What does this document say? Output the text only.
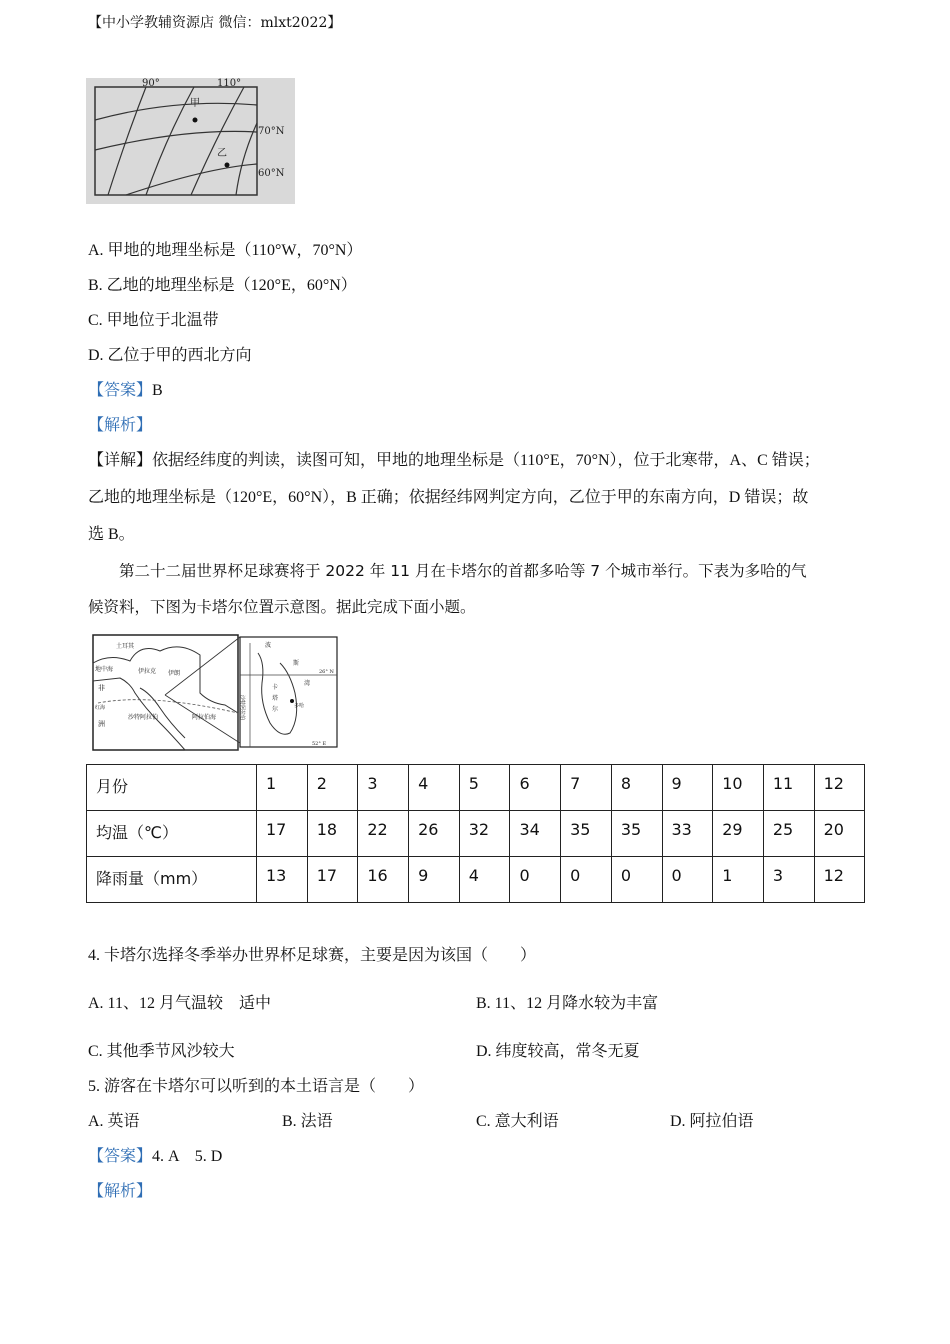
【中小学教辅资源店 微信：mlxt2022】
90°	110°
70°N
60°N
甲
乙
A. 甲地的地理坐标是（110°W，70°N）
B. 乙地的地理坐标是（120°E，60°N）
C. 甲地位于北温带
D. 乙位于甲的西北方向
【答案】B
【解析】
【详解】依据经纬度的判读，读图可知，甲地的地理坐标是（110°E，70°N），位于北寒带，A、C 错误；
乙地的地理坐标是（120°E，60°N），B 正确；依据经纬网判定方向，乙位于甲的东南方向，D 错误；故
选 B。
第二十二届世界杯足球赛将于 2022 年 11 月在卡塔尔的首都多哈等 7 个城市举行。下表为多哈的气
候资料，下图为卡塔尔位置示意图。据此完成下面小题。
土耳其
地中海
非
洲
红海
伊拉克 伊朗
沙特阿拉伯	阿拉伯海
波
斯
湾
卡
塔
尔	多哈
沙特阿拉伯
26° N
52° E
月份	1	2	3	4	5	6	7	8	9	10	11	12
均温（℃）	17	18	22	26	32	34	35	35	33	29	25	20
降雨量（mm）	13	17	16	9	4	0	0	0	0	1	3	12
4. 卡塔尔选择冬季举办世界杯足球赛，主要是因为该国（　　）
A. 11、12 月气温较　适中	B. 11、12 月降水较为丰富
C. 其他季节风沙较大	D. 纬度较高，常冬无夏
5. 游客在卡塔尔可以听到的本土语言是（　　）
A. 英语	B. 法语	C. 意大利语	D. 阿拉伯语
【答案】4. A　5. D
【解析】
